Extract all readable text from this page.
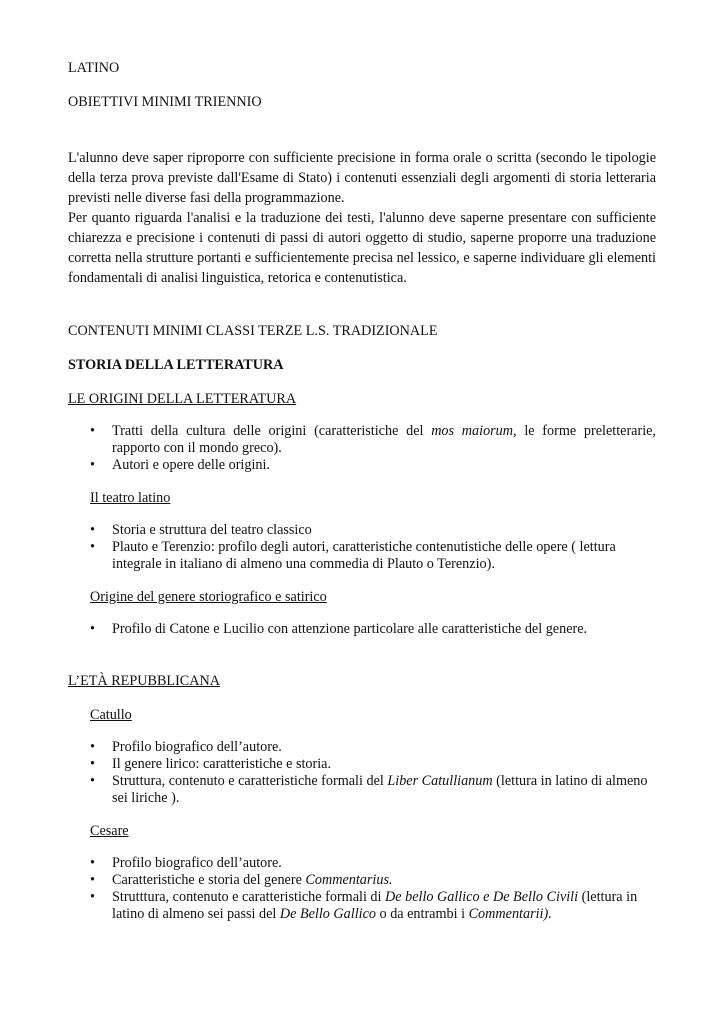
LATINO

OBIETTIVI MINIMI TRIENNIO

L'alunno deve saper riproporre con sufficiente precisione in forma orale o scritta (secondo le tipologie della terza prova previste dall'Esame di Stato) i contenuti essenziali degli argomenti di storia letteraria previsti nelle diverse fasi della programmazione.

Per quanto riguarda l'analisi e la traduzione dei testi, l'alunno deve saperne presentare con sufficiente chiarezza e precisione i contenuti di passi di autori oggetto di studio, saperne proporre una traduzione corretta nella strutture portanti e sufficientemente precisa nel lessico, e saperne individuare gli elementi fondamentali di analisi linguistica, retorica e contenutistica.

CONTENUTI MINIMI CLASSI TERZE L.S. TRADIZIONALE

STORIA DELLA LETTERATURA

LE ORIGINI DELLA LETTERATURA

• Tratti della cultura delle origini (caratteristiche del mos maiorum, le forme preletterarie, rapporto con il mondo greco).
• Autori e opere delle origini.

Il teatro latino

• Storia e struttura del teatro classico
• Plauto e Terenzio: profilo degli autori, caratteristiche contenutistiche delle opere ( lettura integrale in italiano di almeno una commedia di Plauto o Terenzio).

Origine del genere storiografico e satirico

• Profilo di Catone e Lucilio con attenzione particolare alle caratteristiche del genere.

L’ETÀ REPUBBLICANA

Catullo

• Profilo biografico dell’autore.
• Il genere lirico: caratteristiche e storia.
• Struttura, contenuto e caratteristiche formali del Liber Catullianum (lettura in latino di almeno sei liriche ).

Cesare

• Profilo biografico dell’autore.
• Caratteristiche e storia del genere Commentarius.
• Strutttura, contenuto e caratteristiche formali di De bello Gallico e De Bello Civili (lettura in latino di almeno sei passi del De Bello Gallico o da entrambi i Commentarii).
